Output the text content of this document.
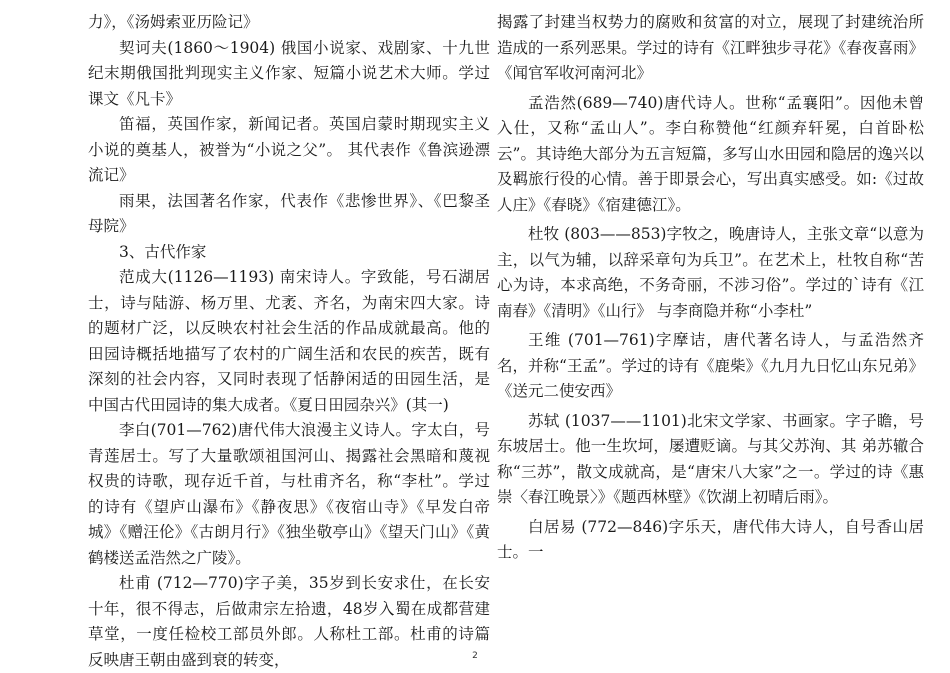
力》，《汤姆索亚历险记》

契诃夫(1860～1904) 俄国小说家、戏剧家、十九世纪末期俄国批判现实主义作家、短篇小说艺术大师。学过课文《凡卡》

笛福，英国作家，新闻记者。英国启蒙时期现实主义小说的奠基人，被誉为“小说之父”。 其代表作《鲁滨逊漂流记》

雨果，法国著名作家，代表作《悲惨世界》、《巴黎圣母院》

3、古代作家

范成大(1126—1193) 南宋诗人。字致能，号石湖居士，诗与陆游、杨万里、尤袤、齐名，为南宋四大家。诗的题材广泛，以反映农村社会生活的作品成就最高。他的田园诗概括地描写了农村的广阔生活和农民的疾苦，既有深刻的社会内容，又同时表现了恬静闲适的田园生活，是中国古代田园诗的集大成者。《夏日田园杂兴》(其一)

李白(701—762)唐代伟大浪漫主义诗人。字太白，号青莲居士。写了大量歌颂祖国河山、揭露社会黑暗和蔑视权贵的诗歌，现存近千首，与杜甫齐名，称“李杜”。学过的诗有《望庐山瀑布》《静夜思》《夜宿山寺》《早发白帝城》《赠汪伦》《古朗月行》《独坐敬亭山》《望天门山》《黄鹤楼送孟浩然之广陵》。

杜甫 (712—770)字子美，35岁到长安求仕，在长安十年，很不得志，后做肃宗左拾遗，48岁入蜀在成都营建草堂，一度任检校工部员外郎。人称杜工部。杜甫的诗篇反映唐王朝由盛到衰的转变，

揭露了封建当权势力的腐败和贫富的对立，展现了封建统治所造成的一系列恶果。学过的诗有《江畔独步寻花》《春夜喜雨》《闻官军收河南河北》

孟浩然(689—740)唐代诗人。世称“孟襄阳”。因他未曾入仕，又称“孟山人”。李白称赞他“红颜弃轩冕，白首卧松云”。其诗绝大部分为五言短篇，多写山水田园和隐居的逸兴以及羁旅行役的心情。善于即景会心，写出真实感受。如:《过故人庄》《春晓》《宿建德江》。

杜牧 (803——853)字牧之，晚唐诗人，主张文章“以意为主，以气为辅，以辞采章句为兵卫”。在艺术上，杜牧自称“苦心为诗，本求高绝，不务奇丽，不涉习俗”。学过的`诗有《江南春》《清明》《山行》 与李商隐并称“小李杜”

王维 (701—761)字摩诘，唐代著名诗人，与孟浩然齐名，并称“王孟”。学过的诗有《鹿柴》《九月九日忆山东兄弟》《送元二使安西》

苏轼 (1037——1101)北宋文学家、书画家。字子瞻，号东坡居士。他一生坎坷，屡遭贬谪。与其父苏洵、其 弟苏辙合称“三苏”，散文成就高，是“唐宋八大家”之一。学过的诗《惠崇〈春江晚景〉》《题西林壁》《饮湖上初晴后雨》。

白居易 (772—846)字乐天，唐代伟大诗人，自号香山居士。一

2
